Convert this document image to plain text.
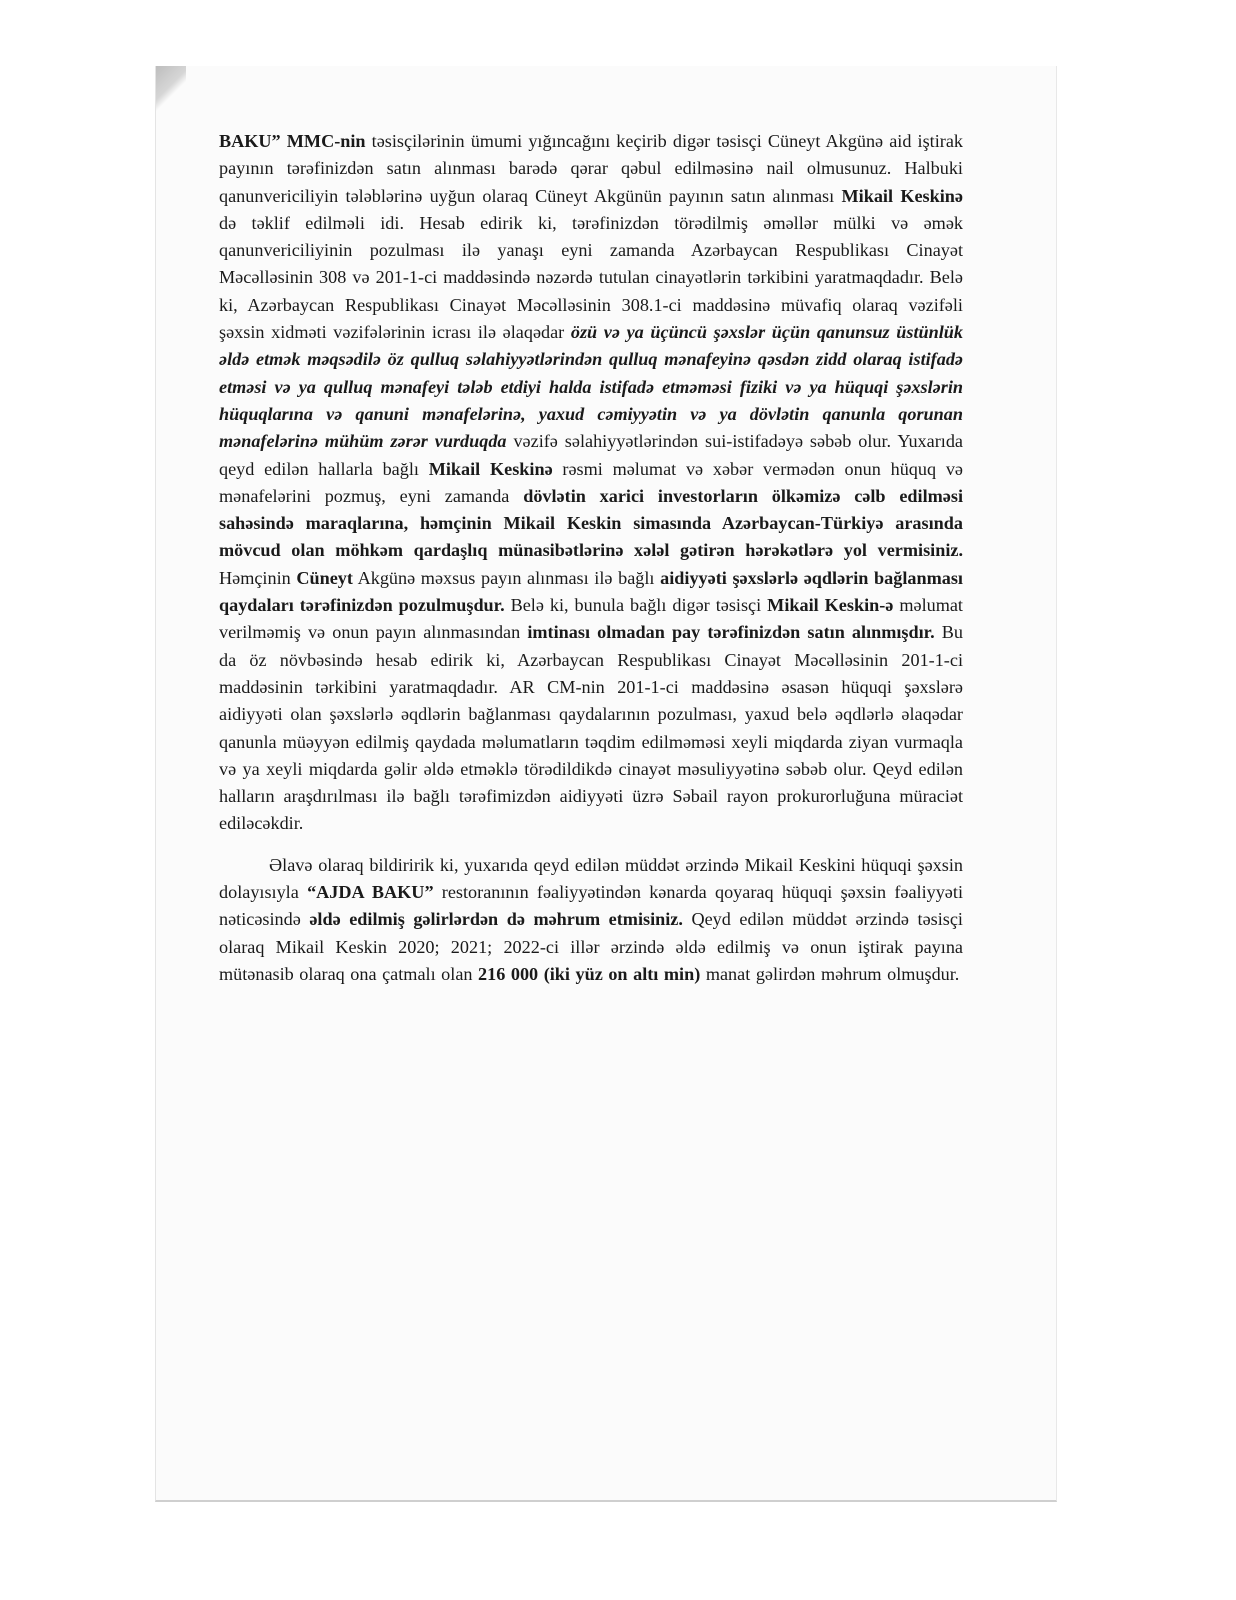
BAKU” MMC-nin təsisçilərinin ümumi yığıncağını keçirib digər təsisçi Cüneyt Akgünə aid iştirak payının tərəfinizdən satın alınması barədə qərar qəbul edilməsinə nail olmusunuz. Halbuki qanunvericiliyin tələblərinə uyğun olaraq Cüneyt Akgünün payının satın alınması Mikail Keskinə də təklif edilməli idi. Hesab edirik ki, tərəfinizdən törədilmiş əməllər mülki və əmək qanunvericiliyinin pozulması ilə yanaşı eyni zamanda Azərbaycan Respublikası Cinayət Məcəlləsinin 308 və 201-1-ci maddəsində nəzərdə tutulan cinayətlərin tərkibini yaratmaqdadır. Belə ki, Azərbaycan Respublikası Cinayət Məcəlləsinin 308.1-ci maddəsinə müvafiq olaraq vəzifəli şəxsin xidməti vəzifələrinin icrası ilə əlaqədar özü və ya üçüncü şəxslər üçün qanunsuz üstünlük əldə etmək məqsədilə öz qulluq səlahiyyətlərindən qulluq mənafeyinə qəsdən zidd olaraq istifadə etməsi və ya qulluq mənafeyi tələb etdiyi halda istifadə etməməsi fiziki və ya hüquqi şəxslərin hüquqlarına və qanuni mənafelərinə, yaxud cəmiyyətin və ya dövlətin qanunla qorunan mənafelərinə mühüm zərər vurduqda vəzifə səlahiyyətlərindən sui-istifadəyə səbəb olur. Yuxarıda qeyd edilən hallarla bağlı Mikail Keskinə rəsmi məlumat və xəbər vermədən onun hüquq və mənafelərini pozmuş, eyni zamanda dövlətin xarici investorların ölkəmizə cəlb edilməsi sahəsində maraqlarına, həmçinin Mikail Keskin simasında Azərbaycan-Türkiyə arasında mövcud olan möhkəm qardaşlıq münasibətlərinə xələl gətirən hərəkətlərə yol vermisiniz. Həmçinin Cüneyt Akgünə məxsus payın alınması ilə bağlı aidiyyəti şəxslərlə əqdlərin bağlanması qaydaları tərəfinizdən pozulmuşdur. Belə ki, bunula bağlı digər təsisçi Mikail Keskin-ə məlumat verilməmiş və onun payın alınmasından imtinası olmadan pay tərəfinizdən satın alınmışdır. Bu da öz növbəsində hesab edirik ki, Azərbaycan Respublikası Cinayət Məcəlləsinin 201-1-ci maddəsinin tərkibini yaratmaqdadır. AR CM-nin 201-1-ci maddəsinə əsasən hüquqi şəxslərə aidiyyəti olan şəxslərlə əqdlərin bağlanması qaydalarının pozulması, yaxud belə əqdlərlə əlaqədar qanunla müəyyən edilmiş qaydada məlumatların təqdim edilməməsi xeyli miqdarda ziyan vurmaqla və ya xeyli miqdarda gəlir əldə etməklə törədildikdə cinayət məsuliyyətinə səbəb olur. Qeyd edilən halların araşdırılması ilə bağlı tərəfimizdən aidiyyəti üzrə Səbail rayon prokurorluğuna müraciət ediləcəkdir.

Əlavə olaraq bildiririk ki, yuxarıda qeyd edilən müddət ərzində Mikail Keskini hüquqi şəxsin dolayısıyla “AJDA BAKU” restoranının fəaliyyətindən kənarda qoyaraq hüquqi şəxsin fəaliyyəti nəticəsində əldə edilmiş gəlirlərdən də məhrum etmisiniz. Qeyd edilən müddət ərzində təsisçi olaraq Mikail Keskin 2020; 2021; 2022-ci illər ərzində əldə edilmiş və onun iştirak payına mütənasib olaraq ona çatmalı olan 216 000 (iki yüz on altı min) manat gəlirdən məhrum olmuşdur.
